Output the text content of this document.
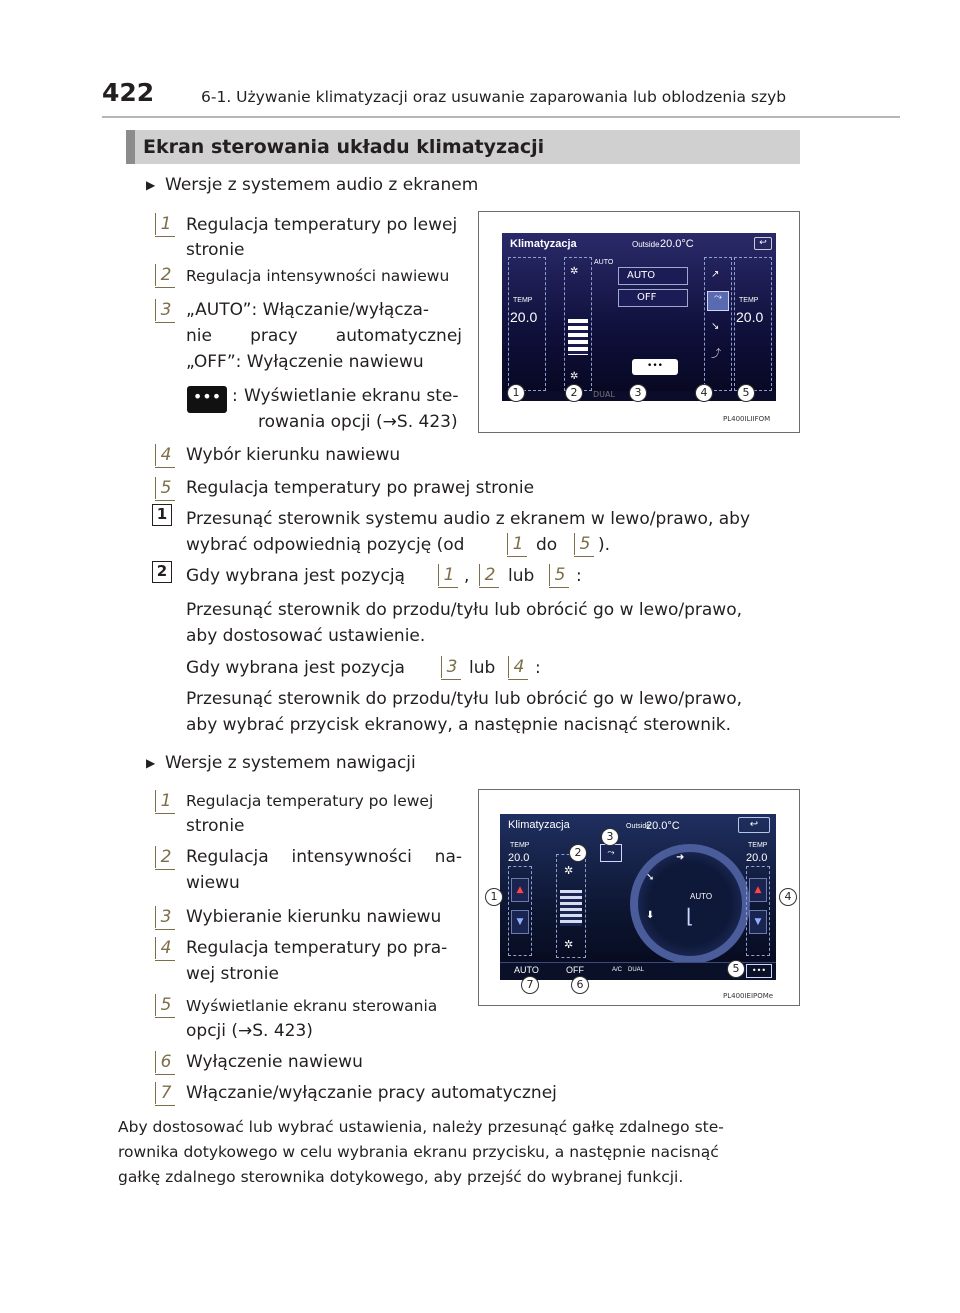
422	6-1. Używanie klimatyzacji oraz usuwanie zaparowania lub oblodzenia szyb
Ekran sterowania układu klimatyzacji
▶ Wersje z systemem audio z ekranem
1 Regulacja temperatury po lewej
stronie
2 Regulacja intensywności nawiewu
3 „AUTO”: Włączanie/wyłącza-
nie pracy automatycznej
„OFF”: Wyłączenie nawiewu
••• : Wyświetlanie ekranu ste-
rowania opcji (→S. 423)
4 Wybór kierunku nawiewu
5 Regulacja temperatury po prawej stronie
1 Przesunąć sterownik systemu audio z ekranem w lewo/prawo, aby
wybrać odpowiednią pozycję (od	1 do	5 ).
2 Gdy wybrana jest pozycją	1 , 2 lub	5 :
Przesunąć sterownik do przodu/tyłu lub obrócić go w lewo/prawo,
aby dostosować ustawienie.
Gdy wybrana jest pozycja	3 lub	4 :
Przesunąć sterownik do przodu/tyłu lub obrócić go w lewo/prawo,
aby wybrać przycisk ekranowy, a następnie nacisnąć sterownik.
Klimatyzacja	Outside 20.0°C	↩
TEMP
20.0
✲
✲
AUTO
AUTO
OFF
•••
↗
⤳
↘
⤴
TEMP
20.0
1	2	DUAL	3	4	5
PL400ILIIFOM
▶ Wersje z systemem nawigacji
1 Regulacja temperatury po lewej
stronie
2 Regulacja intensywności na-
wiewu
3 Wybieranie kierunku nawiewu
4 Regulacja temperatury po pra-
wej stronie
5 Wyświetlanie ekranu sterowania
opcji (→S. 423)
6 Wyłączenie nawiewu
7 Włączanie/wyłączanie pracy automatycznej
Klimatyzacja	Outside
20.0°C	↩
TEMP
20.0
▲
▼
✲
✲
⤳	➜
➘
⬇
AUTO
⌊
TEMP
20.0
▲
▼
AUTO	OFF	A/C DUAL	•••
1
2
3
4
5
6
7
PL400IEIPOMe
Aby dostosować lub wybrać ustawienia, należy przesunąć gałkę zdalnego ste-
rownika dotykowego w celu wybrania ekranu przycisku, a następnie nacisnąć
gałkę zdalnego sterownika dotykowego, aby przejść do wybranej funkcji.
